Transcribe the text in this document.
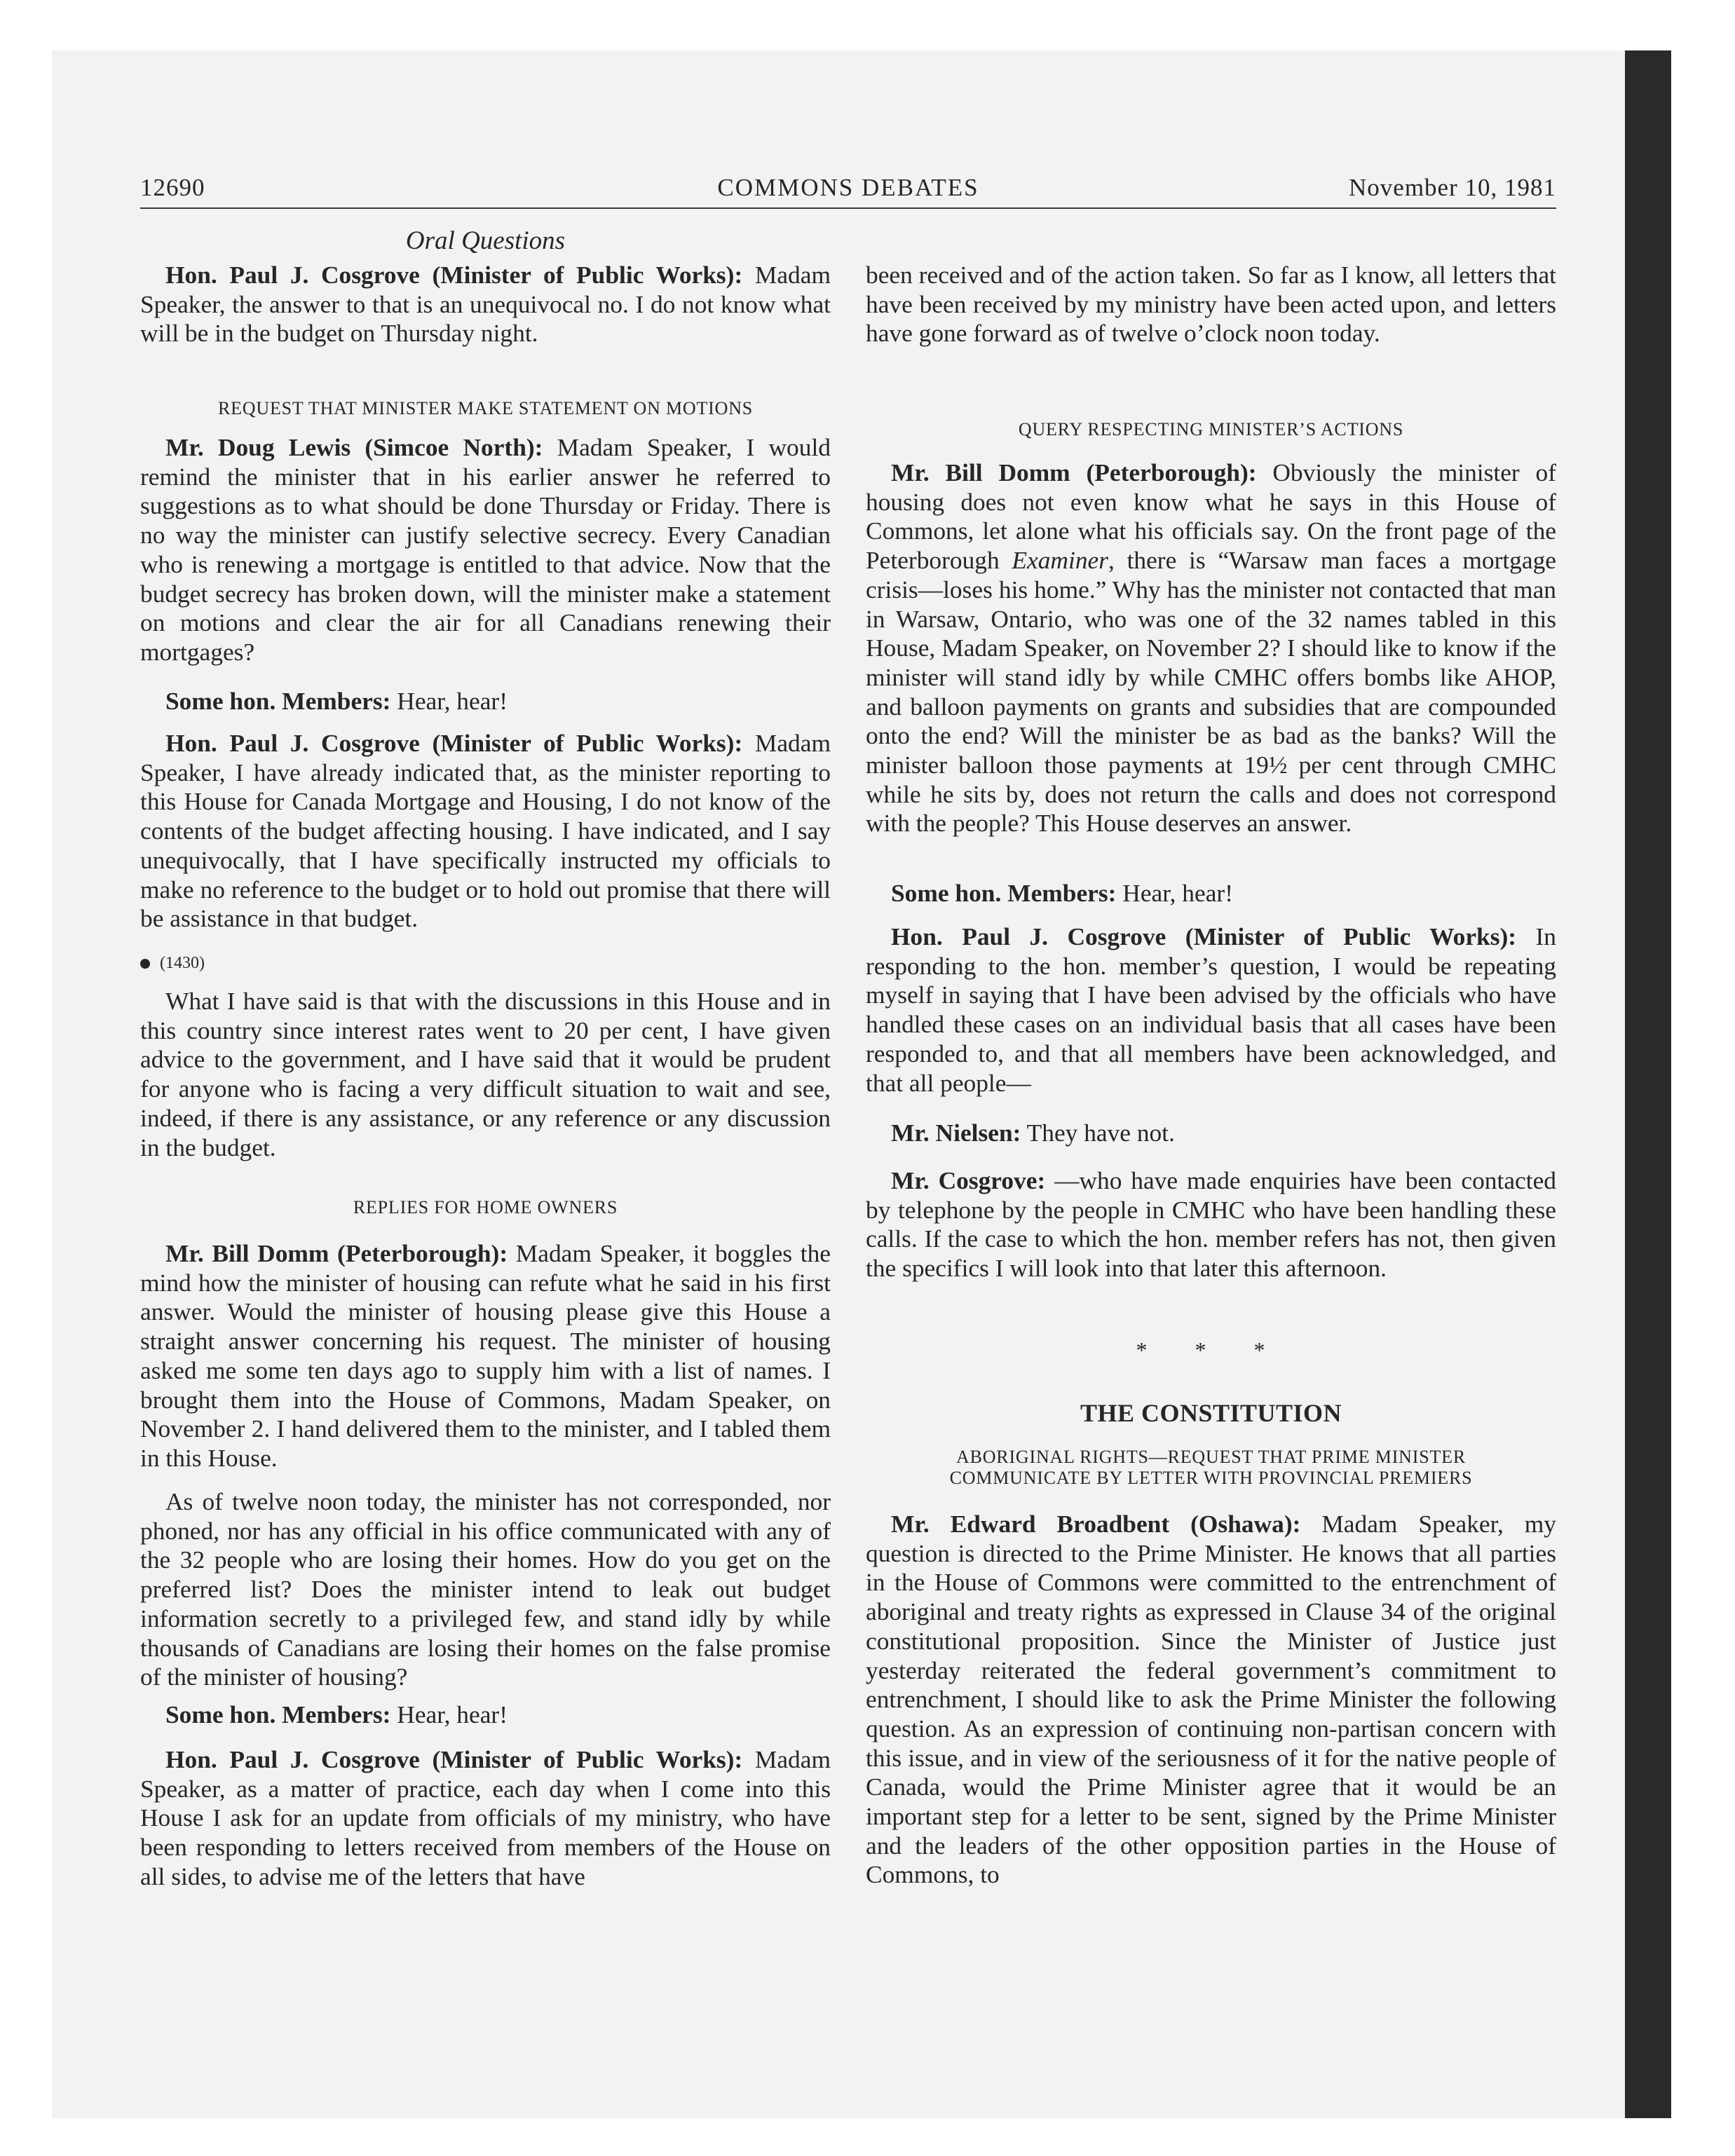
12690	COMMONS DEBATES	November 10, 1981
Oral Questions

Hon. Paul J. Cosgrove (Minister of Public Works): Madam Speaker, the answer to that is an unequivocal no. I do not know what will be in the budget on Thursday night.

REQUEST THAT MINISTER MAKE STATEMENT ON MOTIONS

Mr. Doug Lewis (Simcoe North): Madam Speaker, I would remind the minister that in his earlier answer he referred to suggestions as to what should be done Thursday or Friday. There is no way the minister can justify selective secrecy. Every Canadian who is renewing a mortgage is entitled to that advice. Now that the budget secrecy has broken down, will the minister make a statement on motions and clear the air for all Canadians renewing their mortgages?

Some hon. Members: Hear, hear!

Hon. Paul J. Cosgrove (Minister of Public Works): Madam Speaker, I have already indicated that, as the minister reporting to this House for Canada Mortgage and Housing, I do not know of the contents of the budget affecting housing. I have indicated, and I say unequivocally, that I have specifically instructed my officials to make no reference to the budget or to hold out promise that there will be assistance in that budget.

(1430)

What I have said is that with the discussions in this House and in this country since interest rates went to 20 per cent, I have given advice to the government, and I have said that it would be prudent for anyone who is facing a very difficult situation to wait and see, indeed, if there is any assistance, or any reference or any discussion in the budget.

REPLIES FOR HOME OWNERS

Mr. Bill Domm (Peterborough): Madam Speaker, it boggles the mind how the minister of housing can refute what he said in his first answer. Would the minister of housing please give this House a straight answer concerning his request. The minister of housing asked me some ten days ago to supply him with a list of names. I brought them into the House of Commons, Madam Speaker, on November 2. I hand delivered them to the minister, and I tabled them in this House.

As of twelve noon today, the minister has not corresponded, nor phoned, nor has any official in his office communicated with any of the 32 people who are losing their homes. How do you get on the preferred list? Does the minister intend to leak out budget information secretly to a privileged few, and stand idly by while thousands of Canadians are losing their homes on the false promise of the minister of housing?

Some hon. Members: Hear, hear!

Hon. Paul J. Cosgrove (Minister of Public Works): Madam Speaker, as a matter of practice, each day when I come into this House I ask for an update from officials of my ministry, who have been responding to letters received from members of the House on all sides, to advise me of the letters that have

been received and of the action taken. So far as I know, all letters that have been received by my ministry have been acted upon, and letters have gone forward as of twelve o’clock noon today.

QUERY RESPECTING MINISTER’S ACTIONS

Mr. Bill Domm (Peterborough): Obviously the minister of housing does not even know what he says in this House of Commons, let alone what his officials say. On the front page of the Peterborough Examiner, there is “Warsaw man faces a mortgage crisis—loses his home.” Why has the minister not contacted that man in Warsaw, Ontario, who was one of the 32 names tabled in this House, Madam Speaker, on November 2? I should like to know if the minister will stand idly by while CMHC offers bombs like AHOP, and balloon payments on grants and subsidies that are compounded onto the end? Will the minister be as bad as the banks? Will the minister balloon those payments at 19½ per cent through CMHC while he sits by, does not return the calls and does not correspond with the people? This House deserves an answer.

Some hon. Members: Hear, hear!

Hon. Paul J. Cosgrove (Minister of Public Works): In responding to the hon. member’s question, I would be repeating myself in saying that I have been advised by the officials who have handled these cases on an individual basis that all cases have been responded to, and that all members have been acknowledged, and that all people—

Mr. Nielsen: They have not.

Mr. Cosgrove: —who have made enquiries have been contacted by telephone by the people in CMHC who have been handling these calls. If the case to which the hon. member refers has not, then given the specifics I will look into that later this afternoon.

* * *

THE CONSTITUTION

ABORIGINAL RIGHTS—REQUEST THAT PRIME MINISTER

COMMUNICATE BY LETTER WITH PROVINCIAL PREMIERS

Mr. Edward Broadbent (Oshawa): Madam Speaker, my question is directed to the Prime Minister. He knows that all parties in the House of Commons were committed to the entrenchment of aboriginal and treaty rights as expressed in Clause 34 of the original constitutional proposition. Since the Minister of Justice just yesterday reiterated the federal government’s commitment to entrenchment, I should like to ask the Prime Minister the following question. As an expression of continuing non-partisan concern with this issue, and in view of the seriousness of it for the native people of Canada, would the Prime Minister agree that it would be an important step for a letter to be sent, signed by the Prime Minister and the leaders of the other opposition parties in the House of Commons, to
